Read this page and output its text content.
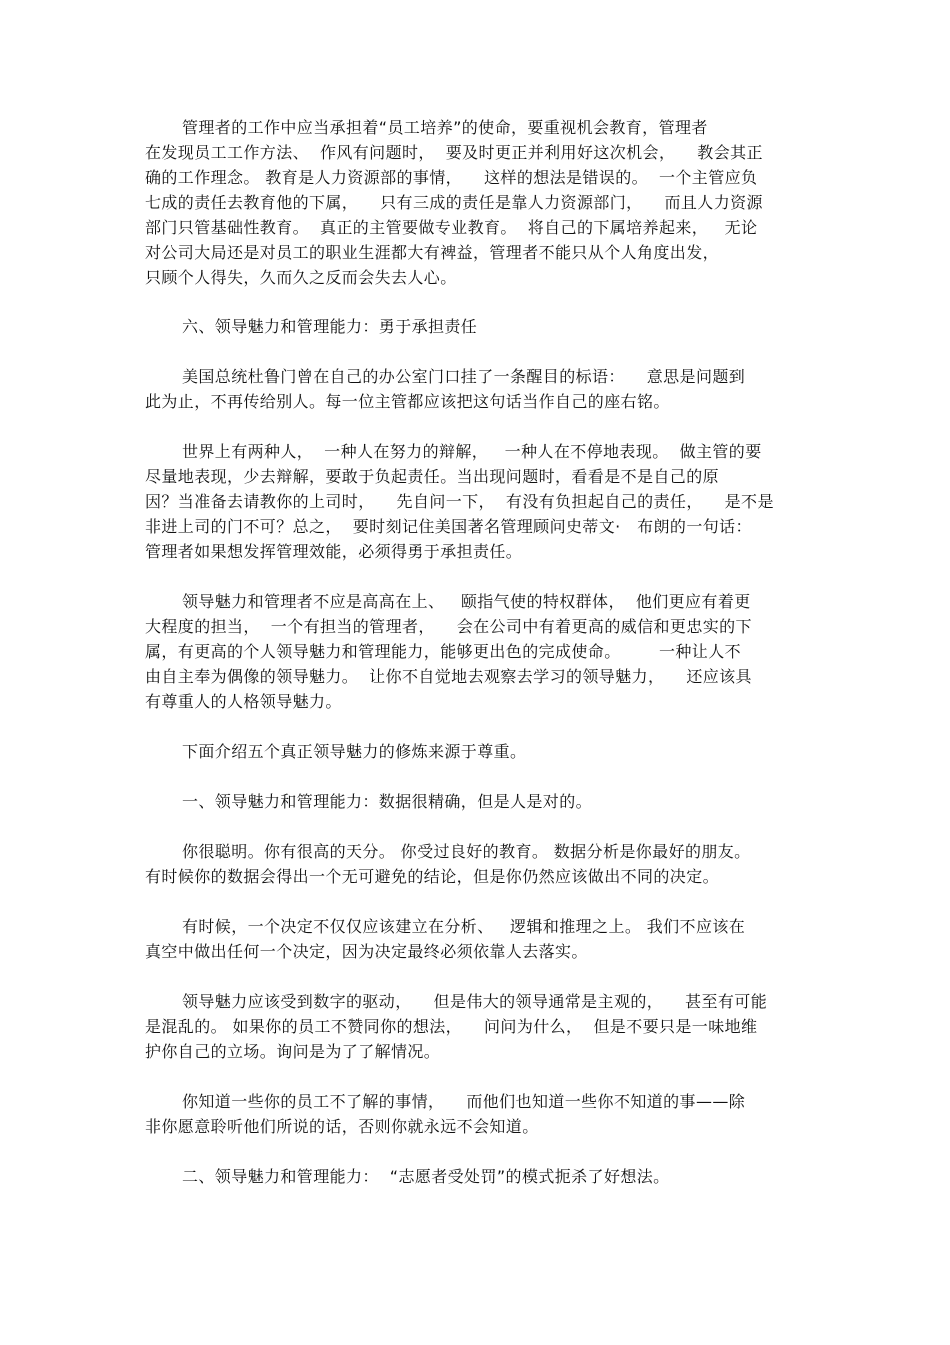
管理者的工作中应当承担着“员工培养”的使命，要重视机会教育，管理者
在发现员工工作方法、  作风有问题时，  要及时更正并利用好这次机会，    教会其正
确的工作理念。 教育是人力资源部的事情，    这样的想法是错误的。  一个主管应负
七成的责任去教育他的下属，    只有三成的责任是靠人力资源部门，    而且人力资源
部门只管基础性教育。  真正的主管要做专业教育。  将自己的下属培养起来，   无论
对公司大局还是对员工的职业生涯都大有裨益，管理者不能只从个人角度出发，
只顾个人得失，久而久之反而会失去人心。
六、领导魅力和管理能力：勇于承担责任
美国总统杜鲁门曾在自己的办公室门口挂了一条醒目的标语：    意思是问题到
此为止，不再传给别人。每一位主管都应该把这句话当作自己的座右铭。
世界上有两种人，  一种人在努力的辩解，   一种人在不停地表现。  做主管的要
尽量地表现，少去辩解，要敢于负起责任。当出现问题时，看看是不是自己的原
因？当准备去请教你的上司时，    先自问一下，  有没有负担起自己的责任，    是不是
非进上司的门不可？总之，  要时刻记住美国著名管理顾问史蒂文·   布朗的一句话：
管理者如果想发挥管理效能，必须得勇于承担责任。
领导魅力和管理者不应是高高在上、   颐指气使的特权群体，  他们更应有着更
大程度的担当，  一个有担当的管理者，    会在公司中有着更高的威信和更忠实的下
属，有更高的个人领导魅力和管理能力，能够更出色的完成使命。       一种让人不
由自主奉为偶像的领导魅力。  让你不自觉地去观察去学习的领导魅力，    还应该具
有尊重人的人格领导魅力。
下面介绍五个真正领导魅力的修炼来源于尊重。
一、领导魅力和管理能力：数据很精确，但是人是对的。
你很聪明。你有很高的天分。 你受过良好的教育。 数据分析是你最好的朋友。
有时候你的数据会得出一个无可避免的结论，但是你仍然应该做出不同的决定。
有时候，一个决定不仅仅应该建立在分析、   逻辑和推理之上。 我们不应该在
真空中做出任何一个决定，因为决定最终必须依靠人去落实。
领导魅力应该受到数字的驱动，    但是伟大的领导通常是主观的，    甚至有可能
是混乱的。 如果你的员工不赞同你的想法，    问问为什么，  但是不要只是一味地维
护你自己的立场。询问是为了了解情况。
你知道一些你的员工不了解的事情，    而他们也知道一些你不知道的事——除
非你愿意聆听他们所说的话，否则你就永远不会知道。
二、领导魅力和管理能力：  “志愿者受处罚”的模式扼杀了好想法。
